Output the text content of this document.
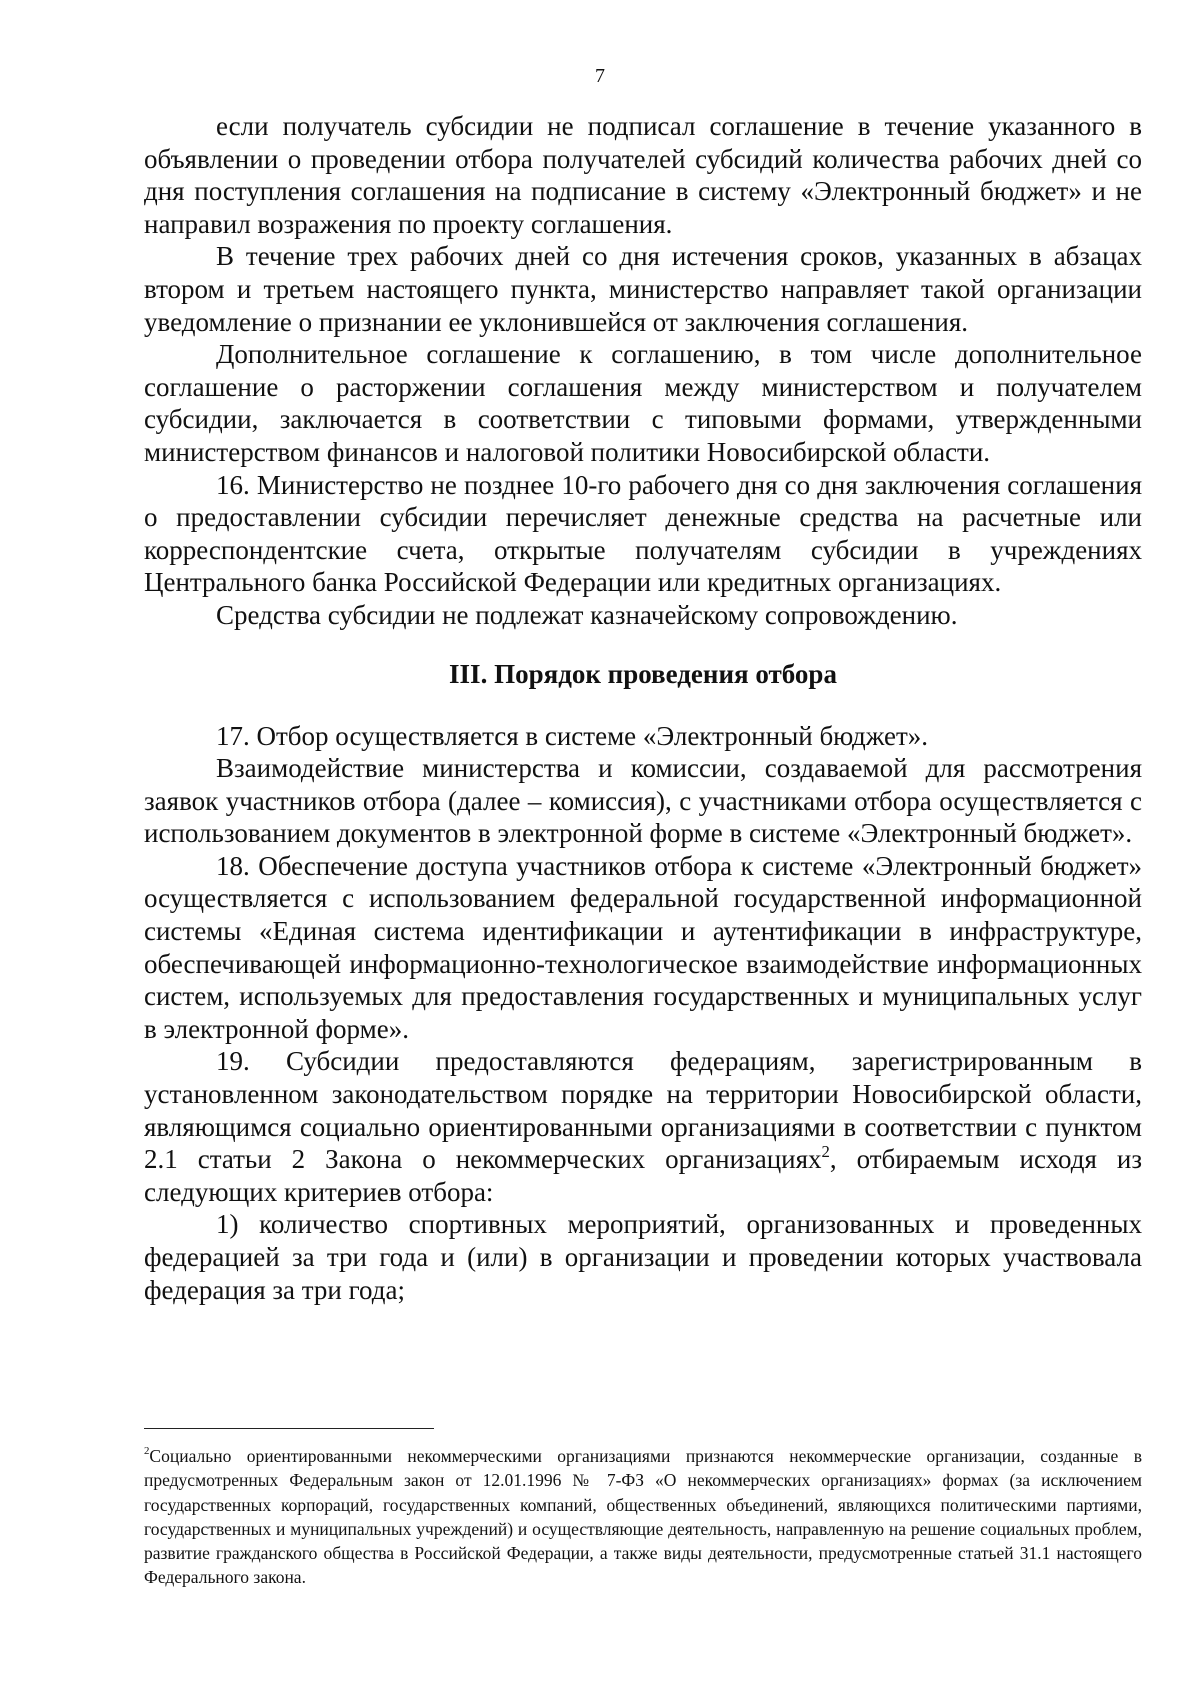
7

если получатель субсидии не подписал соглашение в течение указанного в объявлении о проведении отбора получателей субсидий количества рабочих дней со дня поступления соглашения на подписание в систему «Электронный бюджет» и не направил возражения по проекту соглашения.

В течение трех рабочих дней со дня истечения сроков, указанных в абзацах втором и третьем настоящего пункта, министерство направляет такой организации уведомление о признании ее уклонившейся от заключения соглашения.

Дополнительное соглашение к соглашению, в том числе дополнительное соглашение о расторжении соглашения между министерством и получателем субсидии, заключается в соответствии с типовыми формами, утвержденными министерством финансов и налоговой политики Новосибирской области.

16. Министерство не позднее 10-го рабочего дня со дня заключения соглашения о предоставлении субсидии перечисляет денежные средства на расчетные или корреспондентские счета, открытые получателям субсидии в учреждениях Центрального банка Российской Федерации или кредитных организациях.

Средства субсидии не подлежат казначейскому сопровождению.

III. Порядок проведения отбора

17. Отбор осуществляется в системе «Электронный бюджет».

Взаимодействие министерства и комиссии, создаваемой для рассмотрения заявок участников отбора (далее – комиссия), с участниками отбора осуществляется с использованием документов в электронной форме в системе «Электронный бюджет».

18. Обеспечение доступа участников отбора к системе «Электронный бюджет» осуществляется с использованием федеральной государственной информационной системы «Единая система идентификации и аутентификации в инфраструктуре, обеспечивающей информационно-технологическое взаимодействие информационных систем, используемых для предоставления государственных и муниципальных услуг в электронной форме».

19. Субсидии предоставляются федерациям, зарегистрированным в установленном законодательством порядке на территории Новосибирской области, являющимся социально ориентированными организациями в соответствии с пунктом 2.1 статьи 2 Закона о некоммерческих организациях$^2$, отбираемым исходя из следующих критериев отбора:

1) количество спортивных мероприятий, организованных и проведенных федерацией за три года и (или) в организации и проведении которых участвовала федерация за три года;

$^2$Социально ориентированными некоммерческими организациями признаются некоммерческие организации, созданные в предусмотренных Федеральным закон от 12.01.1996 № 7-ФЗ «О некоммерческих организациях» формах (за исключением государственных корпораций, государственных компаний, общественных объединений, являющихся политическими партиями, государственных и муниципальных учреждений) и осуществляющие деятельность, направленную на решение социальных проблем, развитие гражданского общества в Российской Федерации, а также виды деятельности, предусмотренные статьей 31.1 настоящего Федерального закона.
